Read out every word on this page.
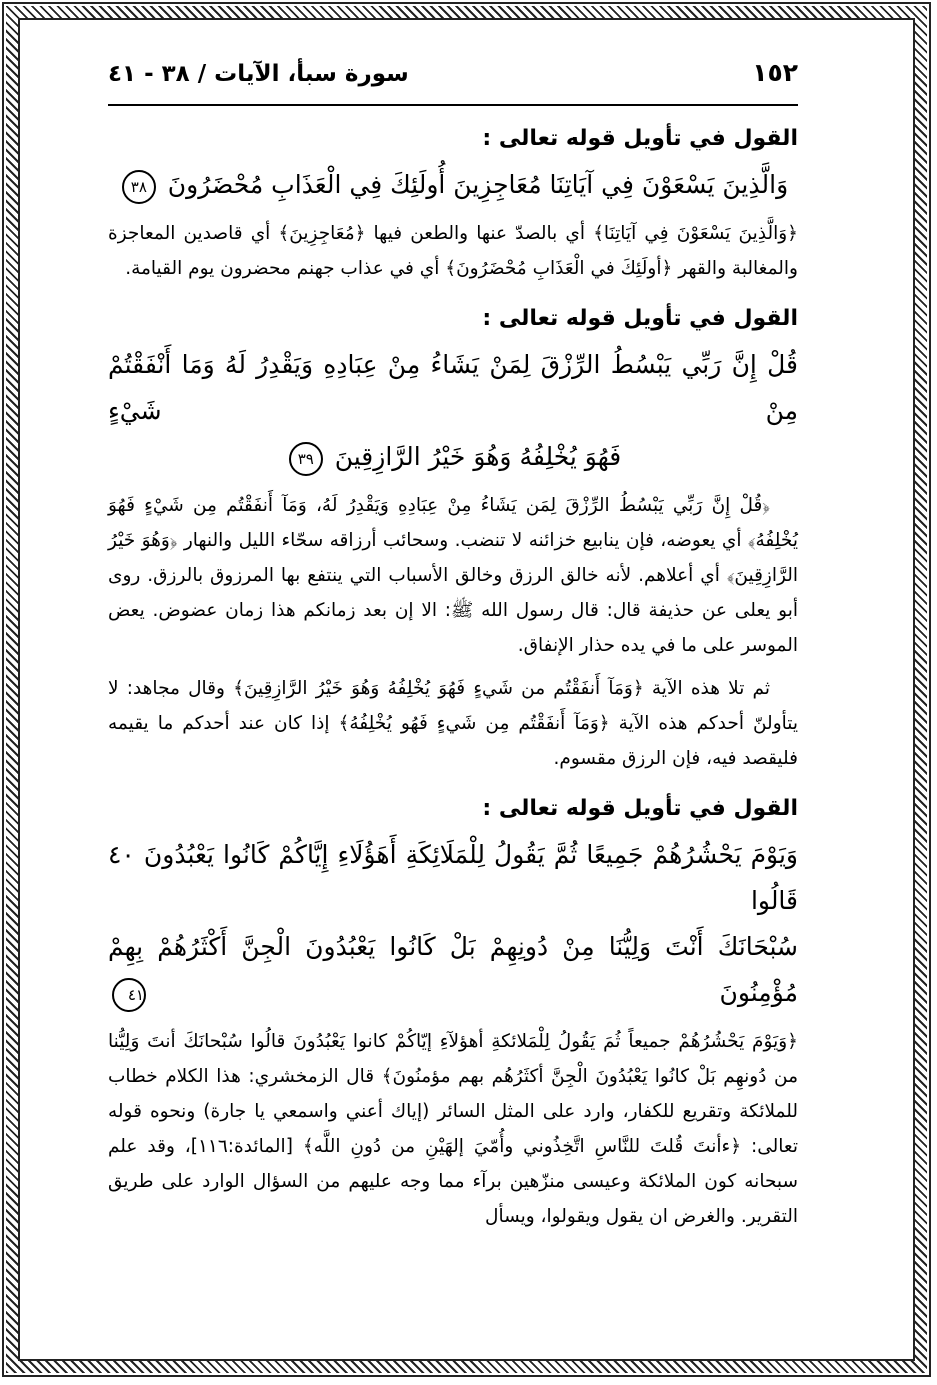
١٥٢
سورة سبأ، الآيات / ٣٨ - ٤١
القول في تأويل قوله تعالى :
وَالَّذِينَ يَسْعَوْنَ فِي آيَاتِنَا مُعَاجِزِينَ أُولَئِكَ فِي الْعَذَابِ مُحْضَرُونَ ٣٨

﴿وَالَّذِينَ يَسْعَوْنَ فِي آيَاتِنَا﴾ أي بالصدّ عنها والطعن فيها ﴿مُعَاجِزِينَ﴾ أي قاصدين المعاجزة والمغالبة والقهر ﴿أولَئِكَ في الْعَذَابِ مُحْضَرُونَ﴾ أي في عذاب جهنم محضرون يوم القيامة.

القول في تأويل قوله تعالى :
قُلْ إِنَّ رَبِّي يَبْسُطُ الرِّزْقَ لِمَنْ يَشَاءُ مِنْ عِبَادِهِ وَيَقْدِرُ لَهُ وَمَا أَنْفَقْتُمْ مِنْ شَيْءٍ
فَهُوَ يُخْلِفُهُ وَهُوَ خَيْرُ الرَّازِقِينَ ٣٩

﴿قُلْ إِنَّ رَبِّي يَبْسُطُ الرِّزْقَ لِمَن يَشَاءُ مِنْ عِبَادِهِ وَيَقْدِرُ لَهُ، وَمَآ أَنفَقْتُم مِن شَيْءٍ فَهُوَ يُخْلِفُهُ﴾ أي يعوضه، فإن ينابيع خزائنه لا تنضب. وسحائب أرزاقه سحّاء الليل والنهار ﴿وَهُوَ خَيْرُ الرَّازِقِينَ﴾ أي أعلاهم. لأنه خالق الرزق وخالق الأسباب التي ينتفع بها المرزوق بالرزق. روى أبو يعلى عن حذيفة قال: قال رسول الله ﷺ: الا إن بعد زمانكم هذا زمان عضوض. يعض الموسر على ما في يده حذار الإنفاق.

ثم تلا هذه الآية ﴿وَمَآ أَنفَقْتُم من شَيءٍ فَهُوَ يُخْلِفُهُ وَهُوَ خَيْرُ الرَّازِقِينَ﴾ وقال مجاهد: لا يتأولنّ أحدكم هذه الآية ﴿وَمَآ أَنفَقْتُم مِن شَيءٍ فَهُو يُخْلِفُهُ﴾ إذا كان عند أحدكم ما يقيمه فليقصد فيه، فإن الرزق مقسوم.

القول في تأويل قوله تعالى :
وَيَوْمَ يَحْشُرُهُمْ جَمِيعًا ثُمَّ يَقُولُ لِلْمَلَائِكَةِ أَهَؤُلَاءِ إِيَّاكُمْ كَانُوا يَعْبُدُونَ ٤٠ قَالُوا
سُبْحَانَكَ أَنْتَ وَلِيُّنَا مِنْ دُونِهِمْ بَلْ كَانُوا يَعْبُدُونَ الْجِنَّ أَكْثَرُهُمْ بِهِمْ مُؤْمِنُونَ ٤١

﴿وَيَوْمَ يَحْشُرُهُمْ جميعاً ثُمَ يَقُولُ لِلْمَلائكةِ أهؤلآءِ إيّاكُمْ كانوا يَعْبُدُونَ قالُوا سُبْحانَكَ أنتَ وَلِيُّنا من دُونهِم بَلْ كانُوا يَعْبُدُونَ الْجِنَّ أكثَرُهُم بهم مؤمنُونَ﴾ قال الزمخشري: هذا الكلام خطاب للملائكة وتقريع للكفار، وارد على المثل السائر (إياك أعني واسمعي يا جارة) ونحوه قوله تعالى: ﴿ءأنتَ قُلتَ للنَّاسِ اتَّخِذُوني وأُمّيَ إلهَيْنِ من دُونِ اللَّه﴾ [المائدة:١١٦]، وقد علم سبحانه كون الملائكة وعيسى منزّهين برآء مما وجه عليهم من السؤال الوارد على طريق التقرير. والغرض ان يقول ويقولوا، ويسأل
